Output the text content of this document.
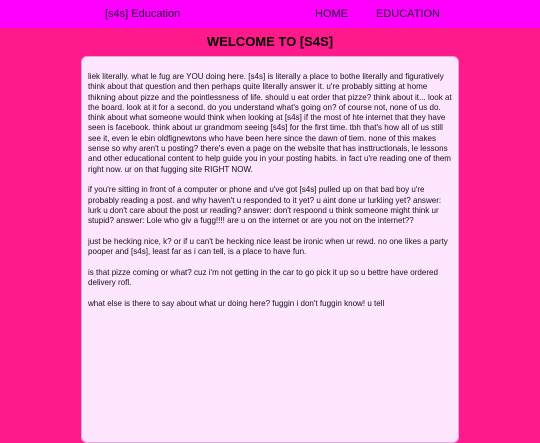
[s4s] Education	HOME	EDUCATION
WELCOME TO [S4S]

liek literally. what le fug are YOU doing here. [s4s] is literally a place to bothe literally and figuratively think about that question and then perhaps quite literally answer it. u're probably sitting at home thikning about pizze and the pointlessness of life. should u eat order that pizze? think about it... look at the board. look at it for a second. do you understand what's going on? of course not, none of us do. think about what someone would think when looking at [s4s] if the most of hte internet that they have seen is facebook. think about ur grandmom seeing [s4s] for the first time. tbh that's how all of us still see it, even le ebin oldfignewtons who have been here since the dawn of tiem. none of this makes sense so why aren't u posting? there's even a page on the website that has insttructionals, le lessons and other educational content to help guide you in your posting habits. in fact u're reading one of them right now. ur on that fugging site RIGHT NOW.

if you're sitting in front of a computer or phone and u've got [s4s] pulled up on that bad boy u're probably reading a post. and why haven't u responded to it yet? u aint done ur lurkiing yet? answer: lurk u don't care about the post ur reading? answer: don't respoond u think someone might think ur stupid? answer: Lole who giv a fugg!!!! are u on the internet or are you not on the internet??

just be hecking nice, k? or if u can't be hecking nice least be ironic when ur rewd. no one likes a party pooper and [s4s], least far as i can tell, is a place to have fun.

is that pizze coming or what? cuz i'm not getting in the car to go pick it up so u bettre have ordered delivery rofl.

what else is there to say about what ur doing here? fuggin i don't fuggin know! u tell
